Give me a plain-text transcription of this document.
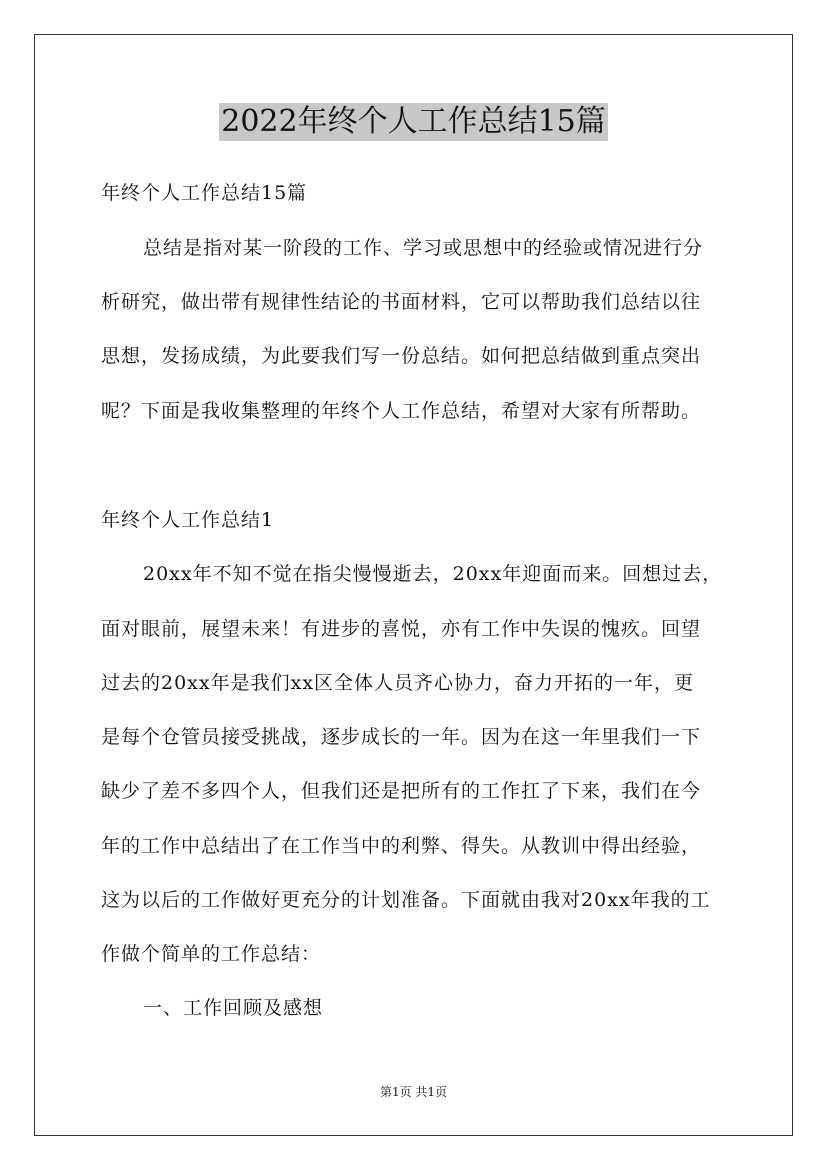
2022年终个人工作总结15篇
年终个人工作总结15篇
总结是指对某一阶段的工作、学习或思想中的经验或情况进行分
析研究，做出带有规律性结论的书面材料，它可以帮助我们总结以往
思想，发扬成绩，为此要我们写一份总结。如何把总结做到重点突出
呢？下面是我收集整理的年终个人工作总结，希望对大家有所帮助。
年终个人工作总结1
20xx年不知不觉在指尖慢慢逝去，20xx年迎面而来。回想过去，
面对眼前，展望未来！有进步的喜悦，亦有工作中失误的愧疚。回望
过去的20xx年是我们xx区全体人员齐心协力，奋力开拓的一年，更
是每个仓管员接受挑战，逐步成长的一年。因为在这一年里我们一下
缺少了差不多四个人，但我们还是把所有的工作扛了下来，我们在今
年的工作中总结出了在工作当中的利弊、得失。从教训中得出经验，
这为以后的工作做好更充分的计划准备。下面就由我对20xx年我的工
作做个简单的工作总结：
一、工作回顾及感想
第1页 共1页
